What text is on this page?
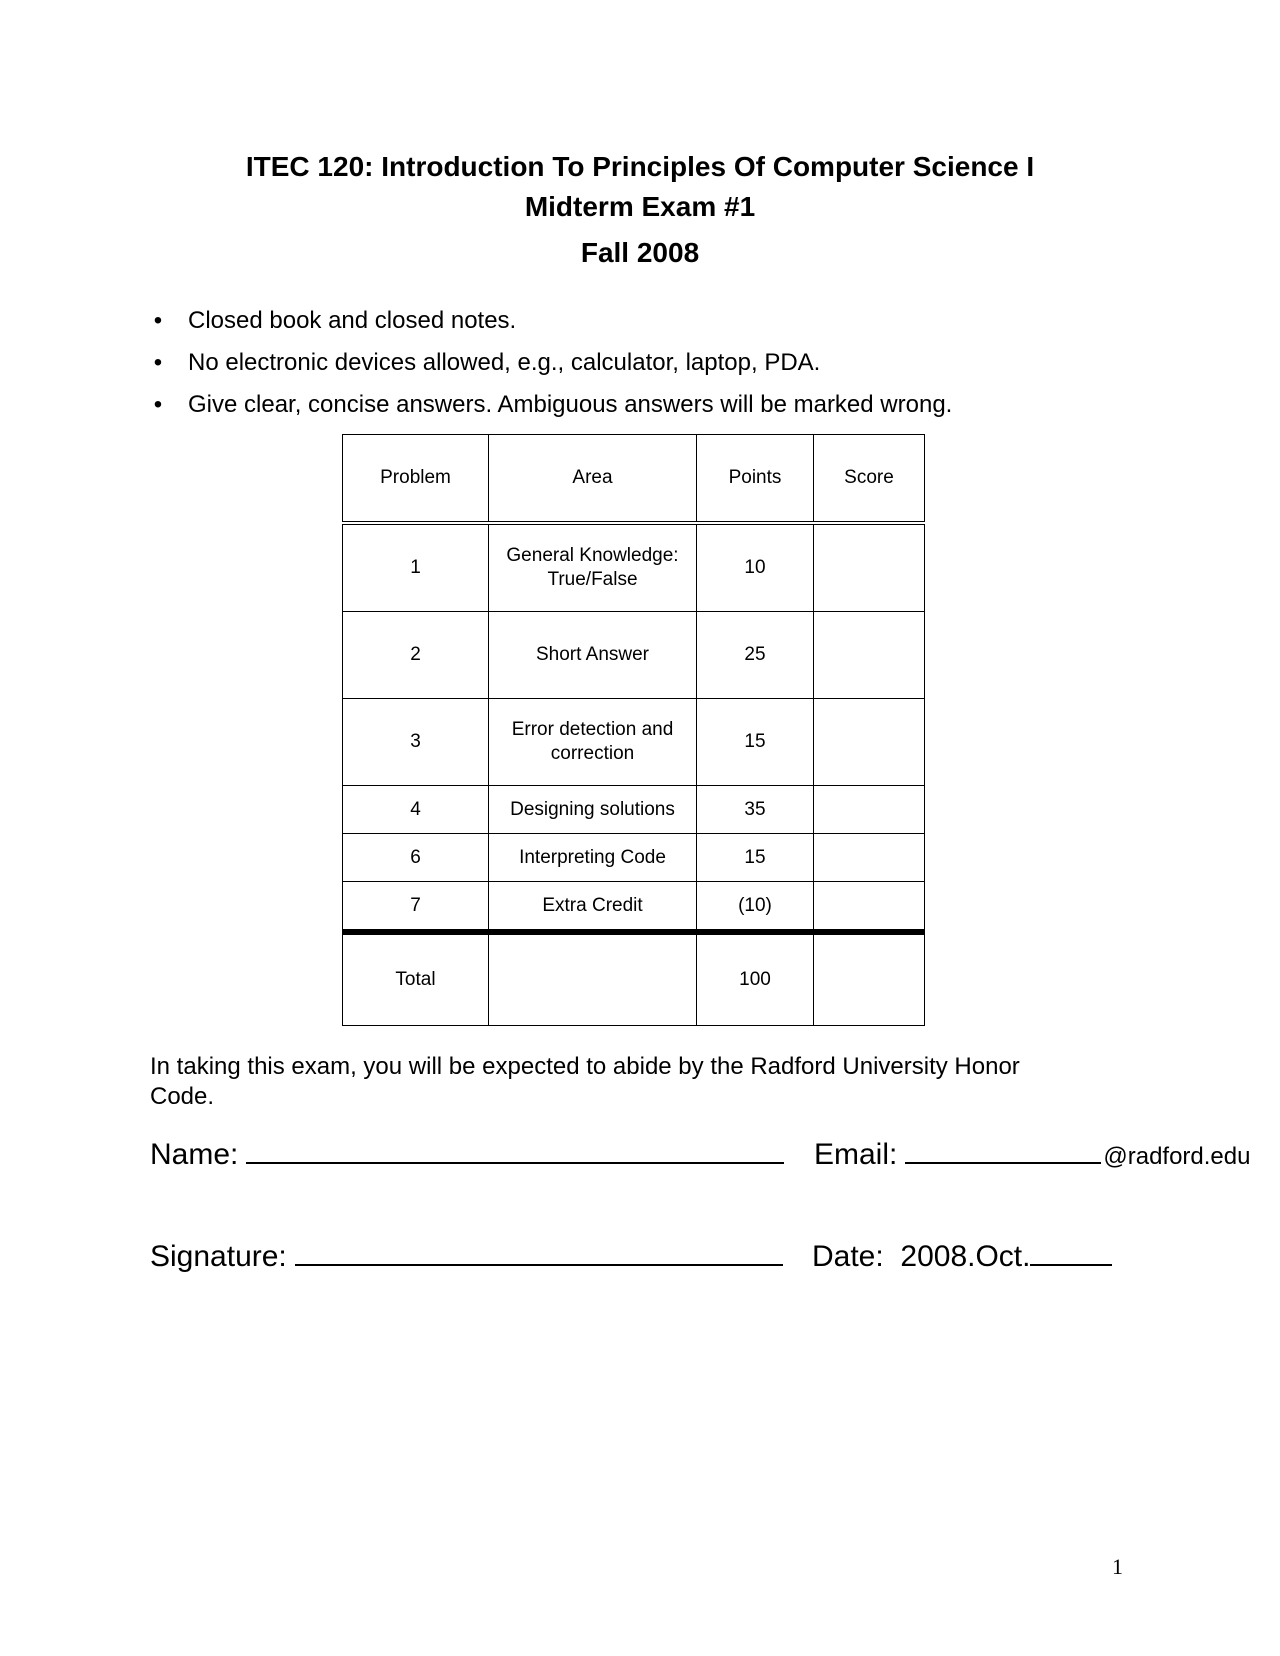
ITEC 120: Introduction To Principles Of Computer Science I
Midterm Exam #1
Fall 2008
• Closed book and closed notes.
• No electronic devices allowed, e.g., calculator, laptop, PDA.
• Give clear, concise answers. Ambiguous answers will be marked wrong.
Problem	Area	Points	Score
1	General Knowledge: True/False	10	
2	Short Answer	25	
3	Error detection and correction	15	
4	Designing solutions	35	
6	Interpreting Code	15	
7	Extra Credit	(10)	
Total		100	

In taking this exam, you will be expected to abide by the Radford University Honor Code.

Name:	Email:	@radford.edu
Signature:	Date: 2008.Oct.
1
